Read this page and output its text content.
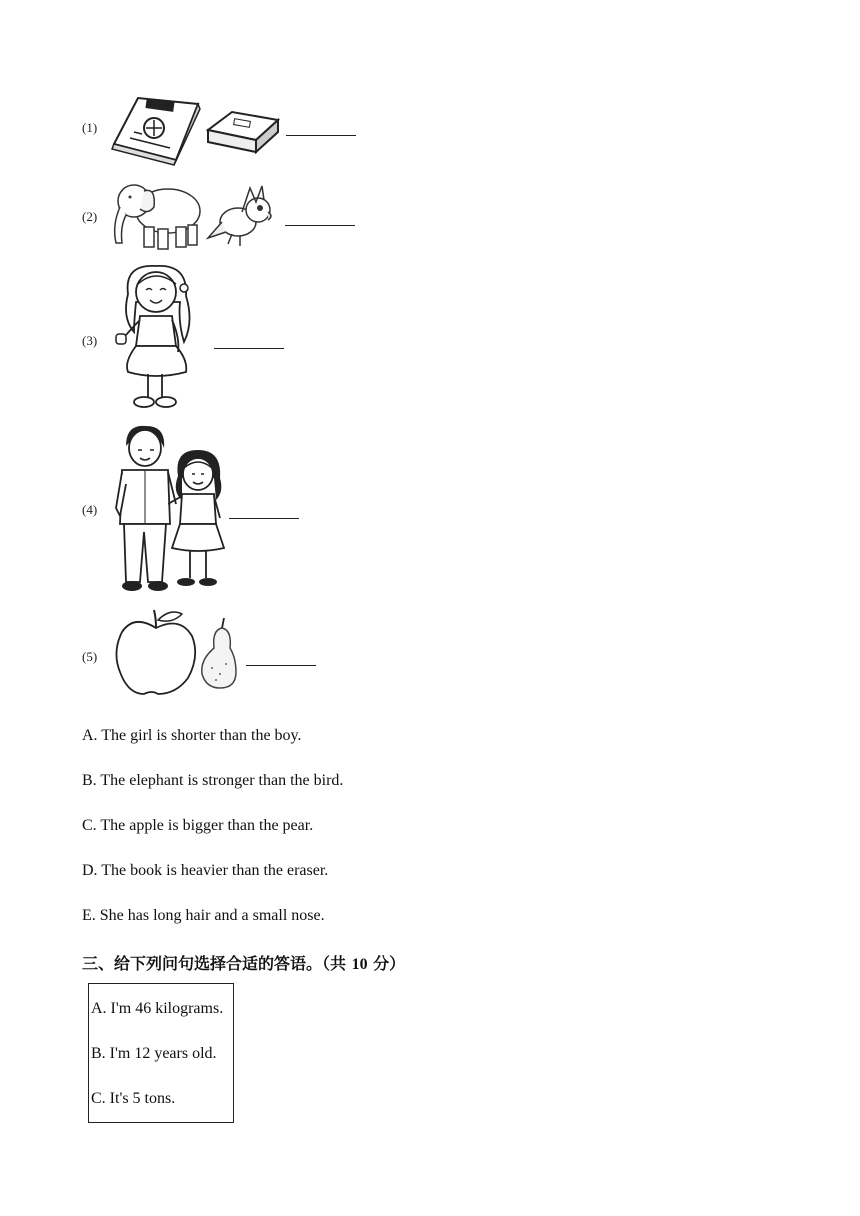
(1)
(2)
(3)
(4)
(5)
A. The girl is shorter than the boy.
B. The elephant is stronger than the bird.
C. The apple is bigger than the pear.
D. The book is heavier than the eraser.
E. She has long hair and a small nose.
三、给下列问句选择合适的答语。（共 10 分）
A. I'm 46 kilograms.
B. I'm 12 years old.
C. It's 5 tons.
